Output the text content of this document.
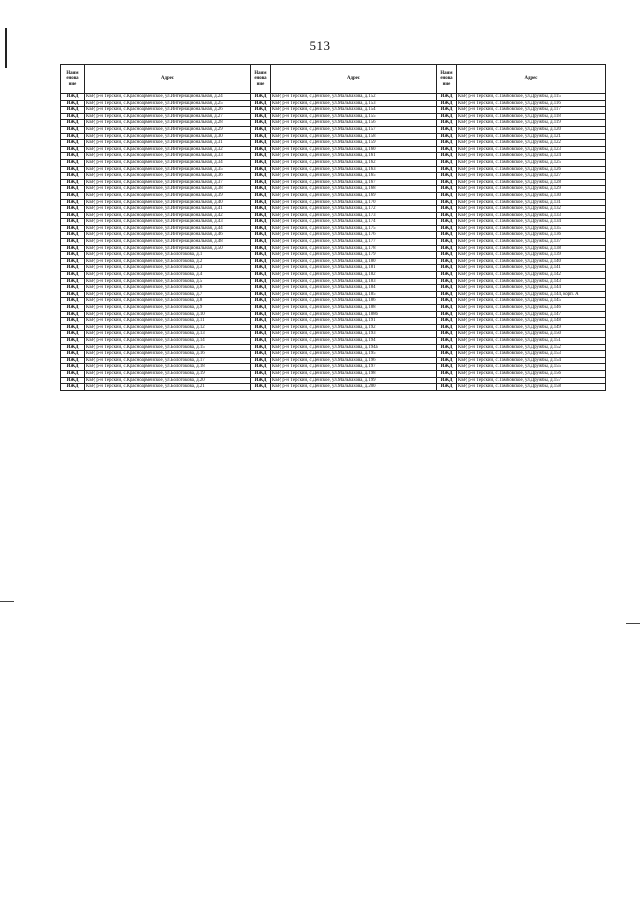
513
Наим енова ние	Адрес	Наим енова ние	Адрес	Наим енова ние	Адрес
ИЖД	КБР, р-н Терский, с.Красноармейское, ул.Интернациональная, д.24	ИЖД	КБР, р-н Терский, с.Дейское, ул.Мальбахова, д.152	ИЖД	КБР, р-н Терский, с.Тамбовское, ул.Дружбы, д.115
ИЖД	КБР, р-н Терский, с.Красноармейское, ул.Интернациональная, д.25	ИЖД	КБР, р-н Терский, с.Дейское, ул.Мальбахова, д.153	ИЖД	КБР, р-н Терский, с.Тамбовское, ул.Дружбы, д.116
ИЖД	КБР, р-н Терский, с.Красноармейское, ул.Интернациональная, д.26	ИЖД	КБР, р-н Терский, с.Дейское, ул.Мальбахова, д.154	ИЖД	КБР, р-н Терский, с.Тамбовское, ул.Дружбы, д.117
ИЖД	КБР, р-н Терский, с.Красноармейское, ул.Интернациональная, д.27	ИЖД	КБР, р-н Терский, с.Дейское, ул.Мальбахова, д.155	ИЖД	КБР, р-н Терский, с.Тамбовское, ул.Дружбы, д.118
ИЖД	КБР, р-н Терский, с.Красноармейское, ул.Интернациональная, д.28	ИЖД	КБР, р-н Терский, с.Дейское, ул.Мальбахова, д.156	ИЖД	КБР, р-н Терский, с.Тамбовское, ул.Дружбы, д.119
ИЖД	КБР, р-н Терский, с.Красноармейское, ул.Интернациональная, д.29	ИЖД	КБР, р-н Терский, с.Дейское, ул.Мальбахова, д.157	ИЖД	КБР, р-н Терский, с.Тамбовское, ул.Дружбы, д.120
ИЖД	КБР, р-н Терский, с.Красноармейское, ул.Интернациональная, д.30	ИЖД	КБР, р-н Терский, с.Дейское, ул.Мальбахова, д.158	ИЖД	КБР, р-н Терский, с.Тамбовское, ул.Дружбы, д.121
ИЖД	КБР, р-н Терский, с.Красноармейское, ул.Интернациональная, д.31	ИЖД	КБР, р-н Терский, с.Дейское, ул.Мальбахова, д.159	ИЖД	КБР, р-н Терский, с.Тамбовское, ул.Дружбы, д.122
ИЖД	КБР, р-н Терский, с.Красноармейское, ул.Интернациональная, д.32	ИЖД	КБР, р-н Терский, с.Дейское, ул.Мальбахова, д.160	ИЖД	КБР, р-н Терский, с.Тамбовское, ул.Дружбы, д.123
ИЖД	КБР, р-н Терский, с.Красноармейское, ул.Интернациональная, д.33	ИЖД	КБР, р-н Терский, с.Дейское, ул.Мальбахова, д.161	ИЖД	КБР, р-н Терский, с.Тамбовское, ул.Дружбы, д.124
ИЖД	КБР, р-н Терский, с.Красноармейское, ул.Интернациональная, д.34	ИЖД	КБР, р-н Терский, с.Дейское, ул.Мальбахова, д.162	ИЖД	КБР, р-н Терский, с.Тамбовское, ул.Дружбы, д.125
ИЖД	КБР, р-н Терский, с.Красноармейское, ул.Интернациональная, д.35	ИЖД	КБР, р-н Терский, с.Дейское, ул.Мальбахова, д.163	ИЖД	КБР, р-н Терский, с.Тамбовское, ул.Дружбы, д.126
ИЖД	КБР, р-н Терский, с.Красноармейское, ул.Интернациональная, д.36	ИЖД	КБР, р-н Терский, с.Дейское, ул.Мальбахова, д.165	ИЖД	КБР, р-н Терский, с.Тамбовское, ул.Дружбы, д.127
ИЖД	КБР, р-н Терский, с.Красноармейское, ул.Интернациональная, д.37	ИЖД	КБР, р-н Терский, с.Дейское, ул.Мальбахова, д.167	ИЖД	КБР, р-н Терский, с.Тамбовское, ул.Дружбы, д.128
ИЖД	КБР, р-н Терский, с.Красноармейское, ул.Интернациональная, д.38	ИЖД	КБР, р-н Терский, с.Дейское, ул.Мальбахова, д.168	ИЖД	КБР, р-н Терский, с.Тамбовское, ул.Дружбы, д.129
ИЖД	КБР, р-н Терский, с.Красноармейское, ул.Интернациональная, д.39	ИЖД	КБР, р-н Терский, с.Дейское, ул.Мальбахова, д.169	ИЖД	КБР, р-н Терский, с.Тамбовское, ул.Дружбы, д.130
ИЖД	КБР, р-н Терский, с.Красноармейское, ул.Интернациональная, д.40	ИЖД	КБР, р-н Терский, с.Дейское, ул.Мальбахова, д.170	ИЖД	КБР, р-н Терский, с.Тамбовское, ул.Дружбы, д.131
ИЖД	КБР, р-н Терский, с.Красноармейское, ул.Интернациональная, д.41	ИЖД	КБР, р-н Терский, с.Дейское, ул.Мальбахова, д.172	ИЖД	КБР, р-н Терский, с.Тамбовское, ул.Дружбы, д.132
ИЖД	КБР, р-н Терский, с.Красноармейское, ул.Интернациональная, д.42	ИЖД	КБР, р-н Терский, с.Дейское, ул.Мальбахова, д.173	ИЖД	КБР, р-н Терский, с.Тамбовское, ул.Дружбы, д.133
ИЖД	КБР, р-н Терский, с.Красноармейское, ул.Интернациональная, д.43	ИЖД	КБР, р-н Терский, с.Дейское, ул.Мальбахова, д.174	ИЖД	КБР, р-н Терский, с.Тамбовское, ул.Дружбы, д.134
ИЖД	КБР, р-н Терский, с.Красноармейское, ул.Интернациональная, д.44	ИЖД	КБР, р-н Терский, с.Дейское, ул.Мальбахова, д.175	ИЖД	КБР, р-н Терский, с.Тамбовское, ул.Дружбы, д.135
ИЖД	КБР, р-н Терский, с.Красноармейское, ул.Интернациональная, д.46	ИЖД	КБР, р-н Терский, с.Дейское, ул.Мальбахова, д.176	ИЖД	КБР, р-н Терский, с.Тамбовское, ул.Дружбы, д.136
ИЖД	КБР, р-н Терский, с.Красноармейское, ул.Интернациональная, д.48	ИЖД	КБР, р-н Терский, с.Дейское, ул.Мальбахова, д.177	ИЖД	КБР, р-н Терский, с.Тамбовское, ул.Дружбы, д.137
ИЖД	КБР, р-н Терский, с.Красноармейское, ул.Интернациональная, д.50	ИЖД	КБР, р-н Терский, с.Дейское, ул.Мальбахова, д.178	ИЖД	КБР, р-н Терский, с.Тамбовское, ул.Дружбы, д.138
ИЖД	КБР, р-н Терский, с.Красноармейское, ул.Болотокова, д.1	ИЖД	КБР, р-н Терский, с.Дейское, ул.Мальбахова, д.179	ИЖД	КБР, р-н Терский, с.Тамбовское, ул.Дружбы, д.139
ИЖД	КБР, р-н Терский, с.Красноармейское, ул.Болотокова, д.2	ИЖД	КБР, р-н Терский, с.Дейское, ул.Мальбахова, д.180	ИЖД	КБР, р-н Терский, с.Тамбовское, ул.Дружбы, д.140
ИЖД	КБР, р-н Терский, с.Красноармейское, ул.Болотокова, д.3	ИЖД	КБР, р-н Терский, с.Дейское, ул.Мальбахова, д.181	ИЖД	КБР, р-н Терский, с.Тамбовское, ул.Дружбы, д.141
ИЖД	КБР, р-н Терский, с.Красноармейское, ул.Болотокова, д.4	ИЖД	КБР, р-н Терский, с.Дейское, ул.Мальбахова, д.182	ИЖД	КБР, р-н Терский, с.Тамбовское, ул.Дружбы, д.142
ИЖД	КБР, р-н Терский, с.Красноармейское, ул.Болотокова, д.5	ИЖД	КБР, р-н Терский, с.Дейское, ул.Мальбахова, д.183	ИЖД	КБР, р-н Терский, с.Тамбовское, ул.Дружбы, д.143
ИЖД	КБР, р-н Терский, с.Красноармейское, ул.Болотокова, д.6	ИЖД	КБР, р-н Терский, с.Дейское, ул.Мальбахова, д.184	ИЖД	КБР, р-н Терский, с.Тамбовское, ул.Дружбы, д.144
ИЖД	КБР, р-н Терский, с.Красноармейское, ул.Болотокова, д.7	ИЖД	КБР, р-н Терский, с.Дейское, ул.Мальбахова, д.185	ИЖД	КБР, р-н Терский, с.Тамбовское, ул.Дружбы, д.144, корп. А
ИЖД	КБР, р-н Терский, с.Красноармейское, ул.Болотокова, д.8	ИЖД	КБР, р-н Терский, с.Дейское, ул.Мальбахова, д.186	ИЖД	КБР, р-н Терский, с.Тамбовское, ул.Дружбы, д.145
ИЖД	КБР, р-н Терский, с.Красноармейское, ул.Болотокова, д.9	ИЖД	КБР, р-н Терский, с.Дейское, ул.Мальбахова, д.188	ИЖД	КБР, р-н Терский, с.Тамбовское, ул.Дружбы, д.146
ИЖД	КБР, р-н Терский, с.Красноармейское, ул.Болотокова, д.10	ИЖД	КБР, р-н Терский, с.Дейское, ул.Мальбахова, д.188б	ИЖД	КБР, р-н Терский, с.Тамбовское, ул.Дружбы, д.147
ИЖД	КБР, р-н Терский, с.Красноармейское, ул.Болотокова, д.11	ИЖД	КБР, р-н Терский, с.Дейское, ул.Мальбахова, д.191	ИЖД	КБР, р-н Терский, с.Тамбовское, ул.Дружбы, д.148
ИЖД	КБР, р-н Терский, с.Красноармейское, ул.Болотокова, д.12	ИЖД	КБР, р-н Терский, с.Дейское, ул.Мальбахова, д.192	ИЖД	КБР, р-н Терский, с.Тамбовское, ул.Дружбы, д.149
ИЖД	КБР, р-н Терский, с.Красноармейское, ул.Болотокова, д.13	ИЖД	КБР, р-н Терский, с.Дейское, ул.Мальбахова, д.193	ИЖД	КБР, р-н Терский, с.Тамбовское, ул.Дружбы, д.150
ИЖД	КБР, р-н Терский, с.Красноармейское, ул.Болотокова, д.14	ИЖД	КБР, р-н Терский, с.Дейское, ул.Мальбахова, д.194	ИЖД	КБР, р-н Терский, с.Тамбовское, ул.Дружбы, д.151
ИЖД	КБР, р-н Терский, с.Красноармейское, ул.Болотокова, д.15	ИЖД	КБР, р-н Терский, с.Дейское, ул.Мальбахова, д.194а	ИЖД	КБР, р-н Терский, с.Тамбовское, ул.Дружбы, д.152
ИЖД	КБР, р-н Терский, с.Красноармейское, ул.Болотокова, д.16	ИЖД	КБР, р-н Терский, с.Дейское, ул.Мальбахова, д.195	ИЖД	КБР, р-н Терский, с.Тамбовское, ул.Дружбы, д.153
ИЖД	КБР, р-н Терский, с.Красноармейское, ул.Болотокова, д.17	ИЖД	КБР, р-н Терский, с.Дейское, ул.Мальбахова, д.196	ИЖД	КБР, р-н Терский, с.Тамбовское, ул.Дружбы, д.154
ИЖД	КБР, р-н Терский, с.Красноармейское, ул.Болотокова, д.18	ИЖД	КБР, р-н Терский, с.Дейское, ул.Мальбахова, д.197	ИЖД	КБР, р-н Терский, с.Тамбовское, ул.Дружбы, д.155
ИЖД	КБР, р-н Терский, с.Красноармейское, ул.Болотокова, д.19	ИЖД	КБР, р-н Терский, с.Дейское, ул.Мальбахова, д.198	ИЖД	КБР, р-н Терский, с.Тамбовское, ул.Дружбы, д.156
ИЖД	КБР, р-н Терский, с.Красноармейское, ул.Болотокова, д.20	ИЖД	КБР, р-н Терский, с.Дейское, ул.Мальбахова, д.199	ИЖД	КБР, р-н Терский, с.Тамбовское, ул.Дружбы, д.157
ИЖД	КБР, р-н Терский, с.Красноармейское, ул.Болотокова, д.21	ИЖД	КБР, р-н Терский, с.Дейское, ул.Мальбахова, д.200	ИЖД	КБР, р-н Терский, с.Тамбовское, ул.Дружбы, д.158
